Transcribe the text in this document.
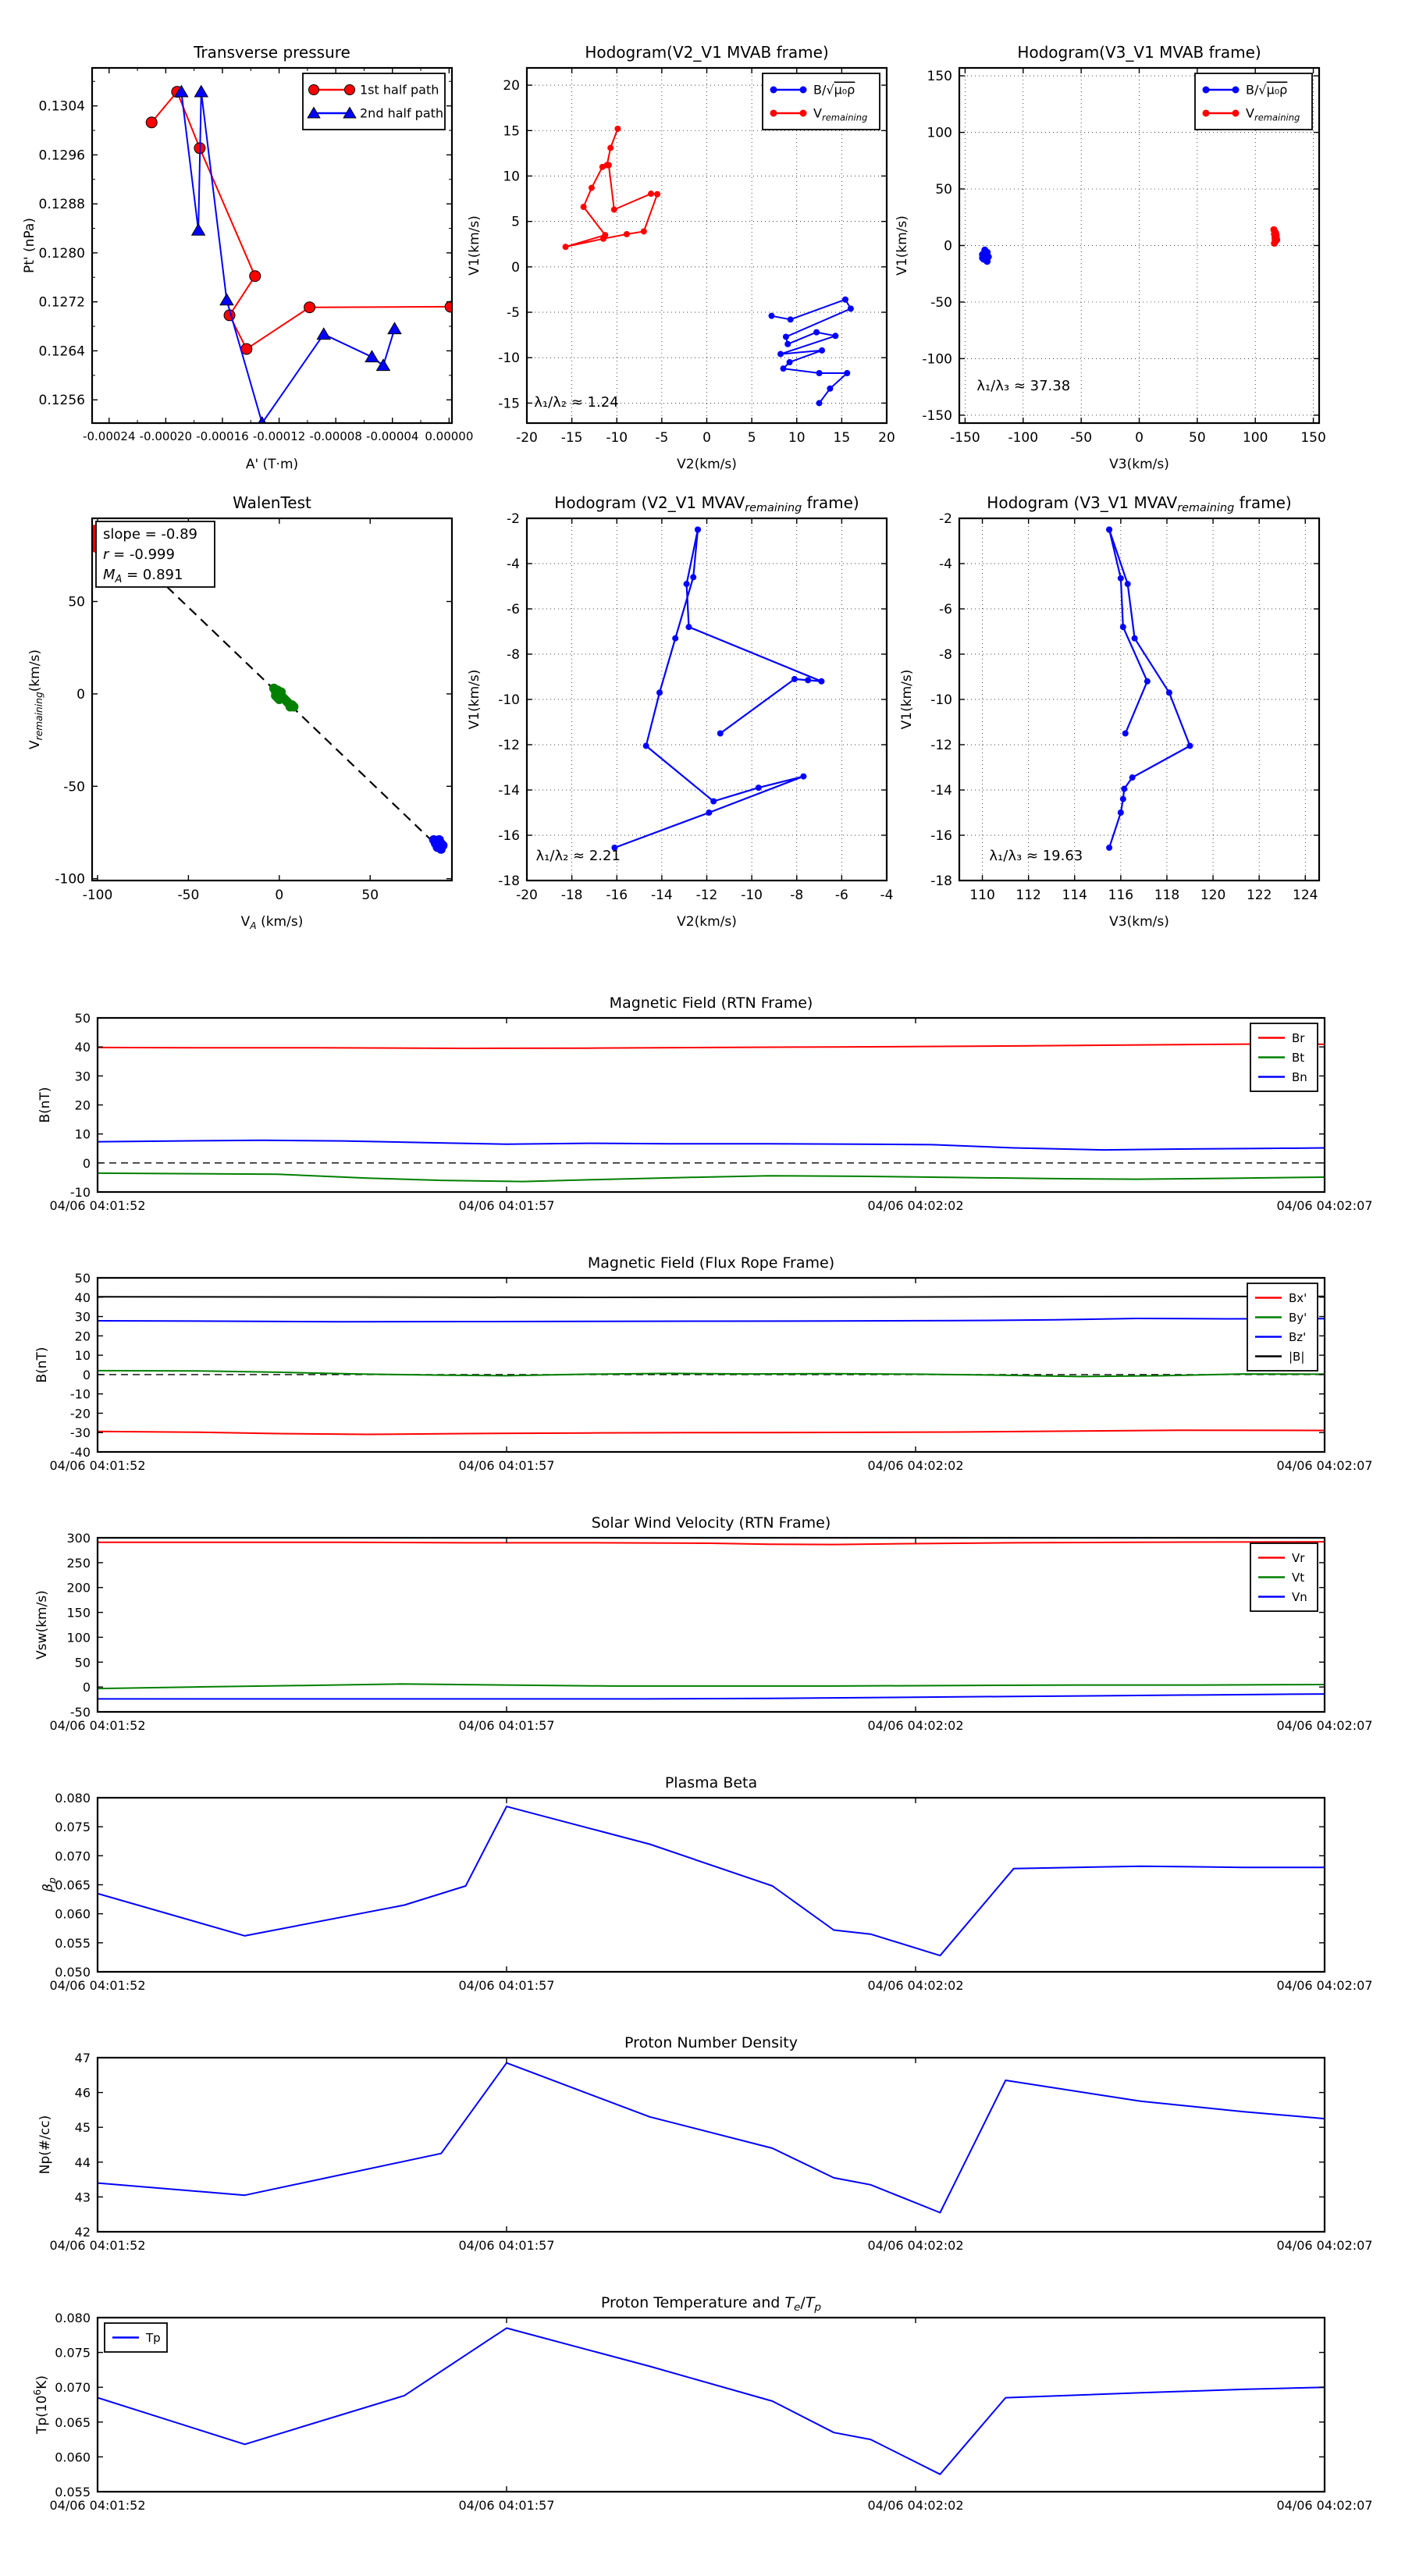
-0.00024 -0.00020 -0.00016 -0.00012 -0.00008 -0.00004 0.00000
0.1256
0.1264
0.1272
0.1280
0.1288
0.1296
0.1304
Transverse pressure
A' (T·m)
Pt' (nPa)
1st half path
2nd half path
-20 -15 -10 -5	0	5 10 15 20
-15
-10
-5
0
5
10
15
20
Hodogram(V2_V1 MVAB frame)
V2(km/s)
V1(km/s)
λ₁/λ₂ ≈ 1.24
B/√μ₀ρ
$V_{remaining}$
-150 -100 -50	0	50	100 150
-150
-100
-50
0
50
100
150
Hodogram(V3_V1 MVAB frame)
V3(km/s)
V1(km/s)
λ₁/λ₃ ≈ 37.38
B/√μ₀ρ
$V_{remaining}$
-100	-50	0	50
-100
-50
0
50
WalenTest
$V_A$ (km/s)
$V_{remaining}(km/s)$
slope = -0.89
r = -0.999
$M_A = 0.891$
-20 -18 -16 -14 -12 -10 -8 -6 -4
-18
-16
-14
-12
-10
-8
-6
-4
-2
Hodogram (V2_V1 $MVAV_{remaining}$ frame)
V2(km/s)
V1(km/s)
λ₁/λ₂ ≈ 2.21
110 112 114 116 118 120 122 124
-18
-16
-14
-12
-10
-8
-6
-4
-2
Hodogram (V3_V1 $MVAV_{remaining}$ frame)
V3(km/s)
V1(km/s)
λ₁/λ₃ ≈ 19.63
04/06 04:01:52	04/06 04:01:57	04/06 04:02:02	04/06 04:02:07
-10
0
10
20
30
40
50
Magnetic Field (RTN Frame)
B(nT)
Br
Bt
Bn
04/06 04:01:52	04/06 04:01:57	04/06 04:02:02	04/06 04:02:07
-40
-30
-20
-10
0
10
20
30
40
50
Magnetic Field (Flux Rope Frame)
B(nT)
Bx'
By'
Bz'
|B|
04/06 04:01:52	04/06 04:01:57	04/06 04:02:02	04/06 04:02:07
-50
0
50
100
150
200
250
300
Solar Wind Velocity (RTN Frame)
Vsw(km/s)
Vr
Vt
Vn
04/06 04:01:52	04/06 04:01:57	04/06 04:02:02	04/06 04:02:07
0.050
0.055
0.060
0.065
0.070
0.075
0.080
Plasma Beta
$\beta_p$
04/06 04:01:52	04/06 04:01:57	04/06 04:02:02	04/06 04:02:07
42
43
44
45
46
47
Proton Number Density
Np(#/cc)
04/06 04:01:52	04/06 04:01:57	04/06 04:02:02	04/06 04:02:07
0.055
0.060
0.065
0.070
0.075
0.080
Proton Temperature and $T_e/T_p$
$Tp(10^6K)$
Tp
